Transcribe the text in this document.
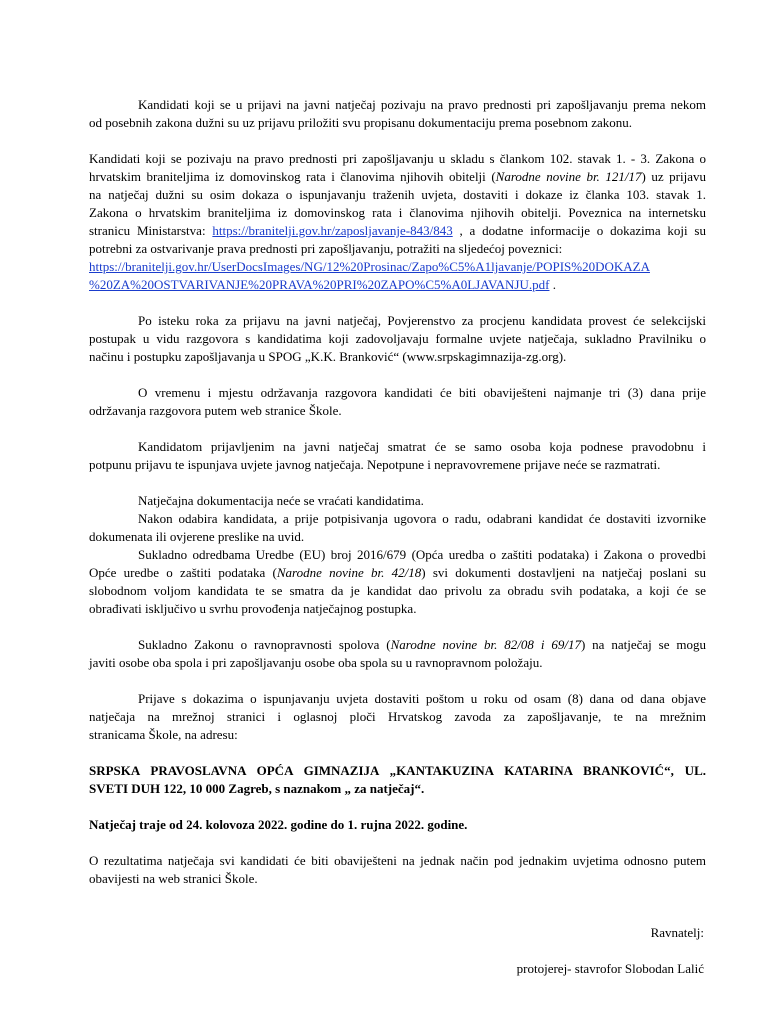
Kandidati koji se u prijavi na javni natječaj pozivaju na pravo prednosti pri zapošljavanju prema nekom
od posebnih zakona dužni su uz prijavu priložiti svu propisanu dokumentaciju prema posebnom zakonu.
Kandidati koji se pozivaju na pravo prednosti pri zapošljavanju u skladu s člankom 102. stavak 1. - 3. Zakona o
hrvatskim braniteljima iz domovinskog rata i članovima njihovih obitelji (Narodne novine br. 121/17) uz prijavu
na natječaj dužni su osim dokaza o ispunjavanju traženih uvjeta, dostaviti i dokaze iz članka 103. stavak 1.
Zakona o hrvatskim braniteljima iz domovinskog rata i članovima njihovih obitelji. Poveznica na internetsku
stranicu Ministarstva: https://branitelji.gov.hr/zaposljavanje-843/843 , a dodatne informacije o dokazima koji su
potrebni za ostvarivanje prava prednosti pri zapošljavanju, potražiti na sljedećoj poveznici:
https://branitelji.gov.hr/UserDocsImages/NG/12%20Prosinac/Zapo%C5%A1ljavanje/POPIS%20DOKAZA
%20ZA%20OSTVARIVANJE%20PRAVA%20PRI%20ZAPO%C5%A0LJAVANJU.pdf .
Po isteku roka za prijavu na javni natječaj, Povjerenstvo za procjenu kandidata provest će selekcijski
postupak u vidu razgovora s kandidatima koji zadovoljavaju formalne uvjete natječaja, sukladno Pravilniku o
načinu i postupku zapošljavanja u SPOG „K.K. Branković“ (www.srpskagimnazija-zg.org).
O vremenu i mjestu održavanja razgovora kandidati će biti obaviješteni najmanje tri (3) dana prije
održavanja razgovora putem web stranice Škole.
Kandidatom prijavljenim na javni natječaj smatrat će se samo osoba koja podnese pravodobnu i
potpunu prijavu te ispunjava uvjete javnog natječaja. Nepotpune i nepravovremene prijave neće se razmatrati.
Natječajna dokumentacija neće se vraćati kandidatima.
Nakon odabira kandidata, a prije potpisivanja ugovora o radu, odabrani kandidat će dostaviti izvornike
dokumenata ili ovjerene preslike na uvid.
Sukladno odredbama Uredbe (EU) broj 2016/679 (Opća uredba o zaštiti podataka) i Zakona o provedbi
Opće uredbe o zaštiti podataka (Narodne novine br. 42/18) svi dokumenti dostavljeni na natječaj poslani su
slobodnom voljom kandidata te se smatra da je kandidat dao privolu za obradu svih podataka, a koji će se
obrađivati isključivo u svrhu provođenja natječajnog postupka.
Sukladno Zakonu o ravnopravnosti spolova (Narodne novine br. 82/08 i 69/17) na natječaj se mogu
javiti osobe oba spola i pri zapošljavanju osobe oba spola su u ravnopravnom položaju.
Prijave s dokazima o ispunjavanju uvjeta dostaviti poštom u roku od osam (8) dana od dana objave
natječaja na mrežnoj stranici i oglasnoj ploči Hrvatskog zavoda za zapošljavanje, te na mrežnim
stranicama Škole, na adresu:
SRPSKA PRAVOSLAVNA OPĆA GIMNAZIJA „KANTAKUZINA KATARINA BRANKOVIĆ“, UL.
SVETI DUH 122, 10 000 Zagreb, s naznakom „ za natječaj“.
Natječaj traje od 24. kolovoza 2022. godine do 1. rujna 2022. godine.
O rezultatima natječaja svi kandidati će biti obaviješteni na jednak način pod jednakim uvjetima odnosno putem
obavijesti na web stranici Škole.
Ravnatelj:
protojerej- stavrofor Slobodan Lalić
